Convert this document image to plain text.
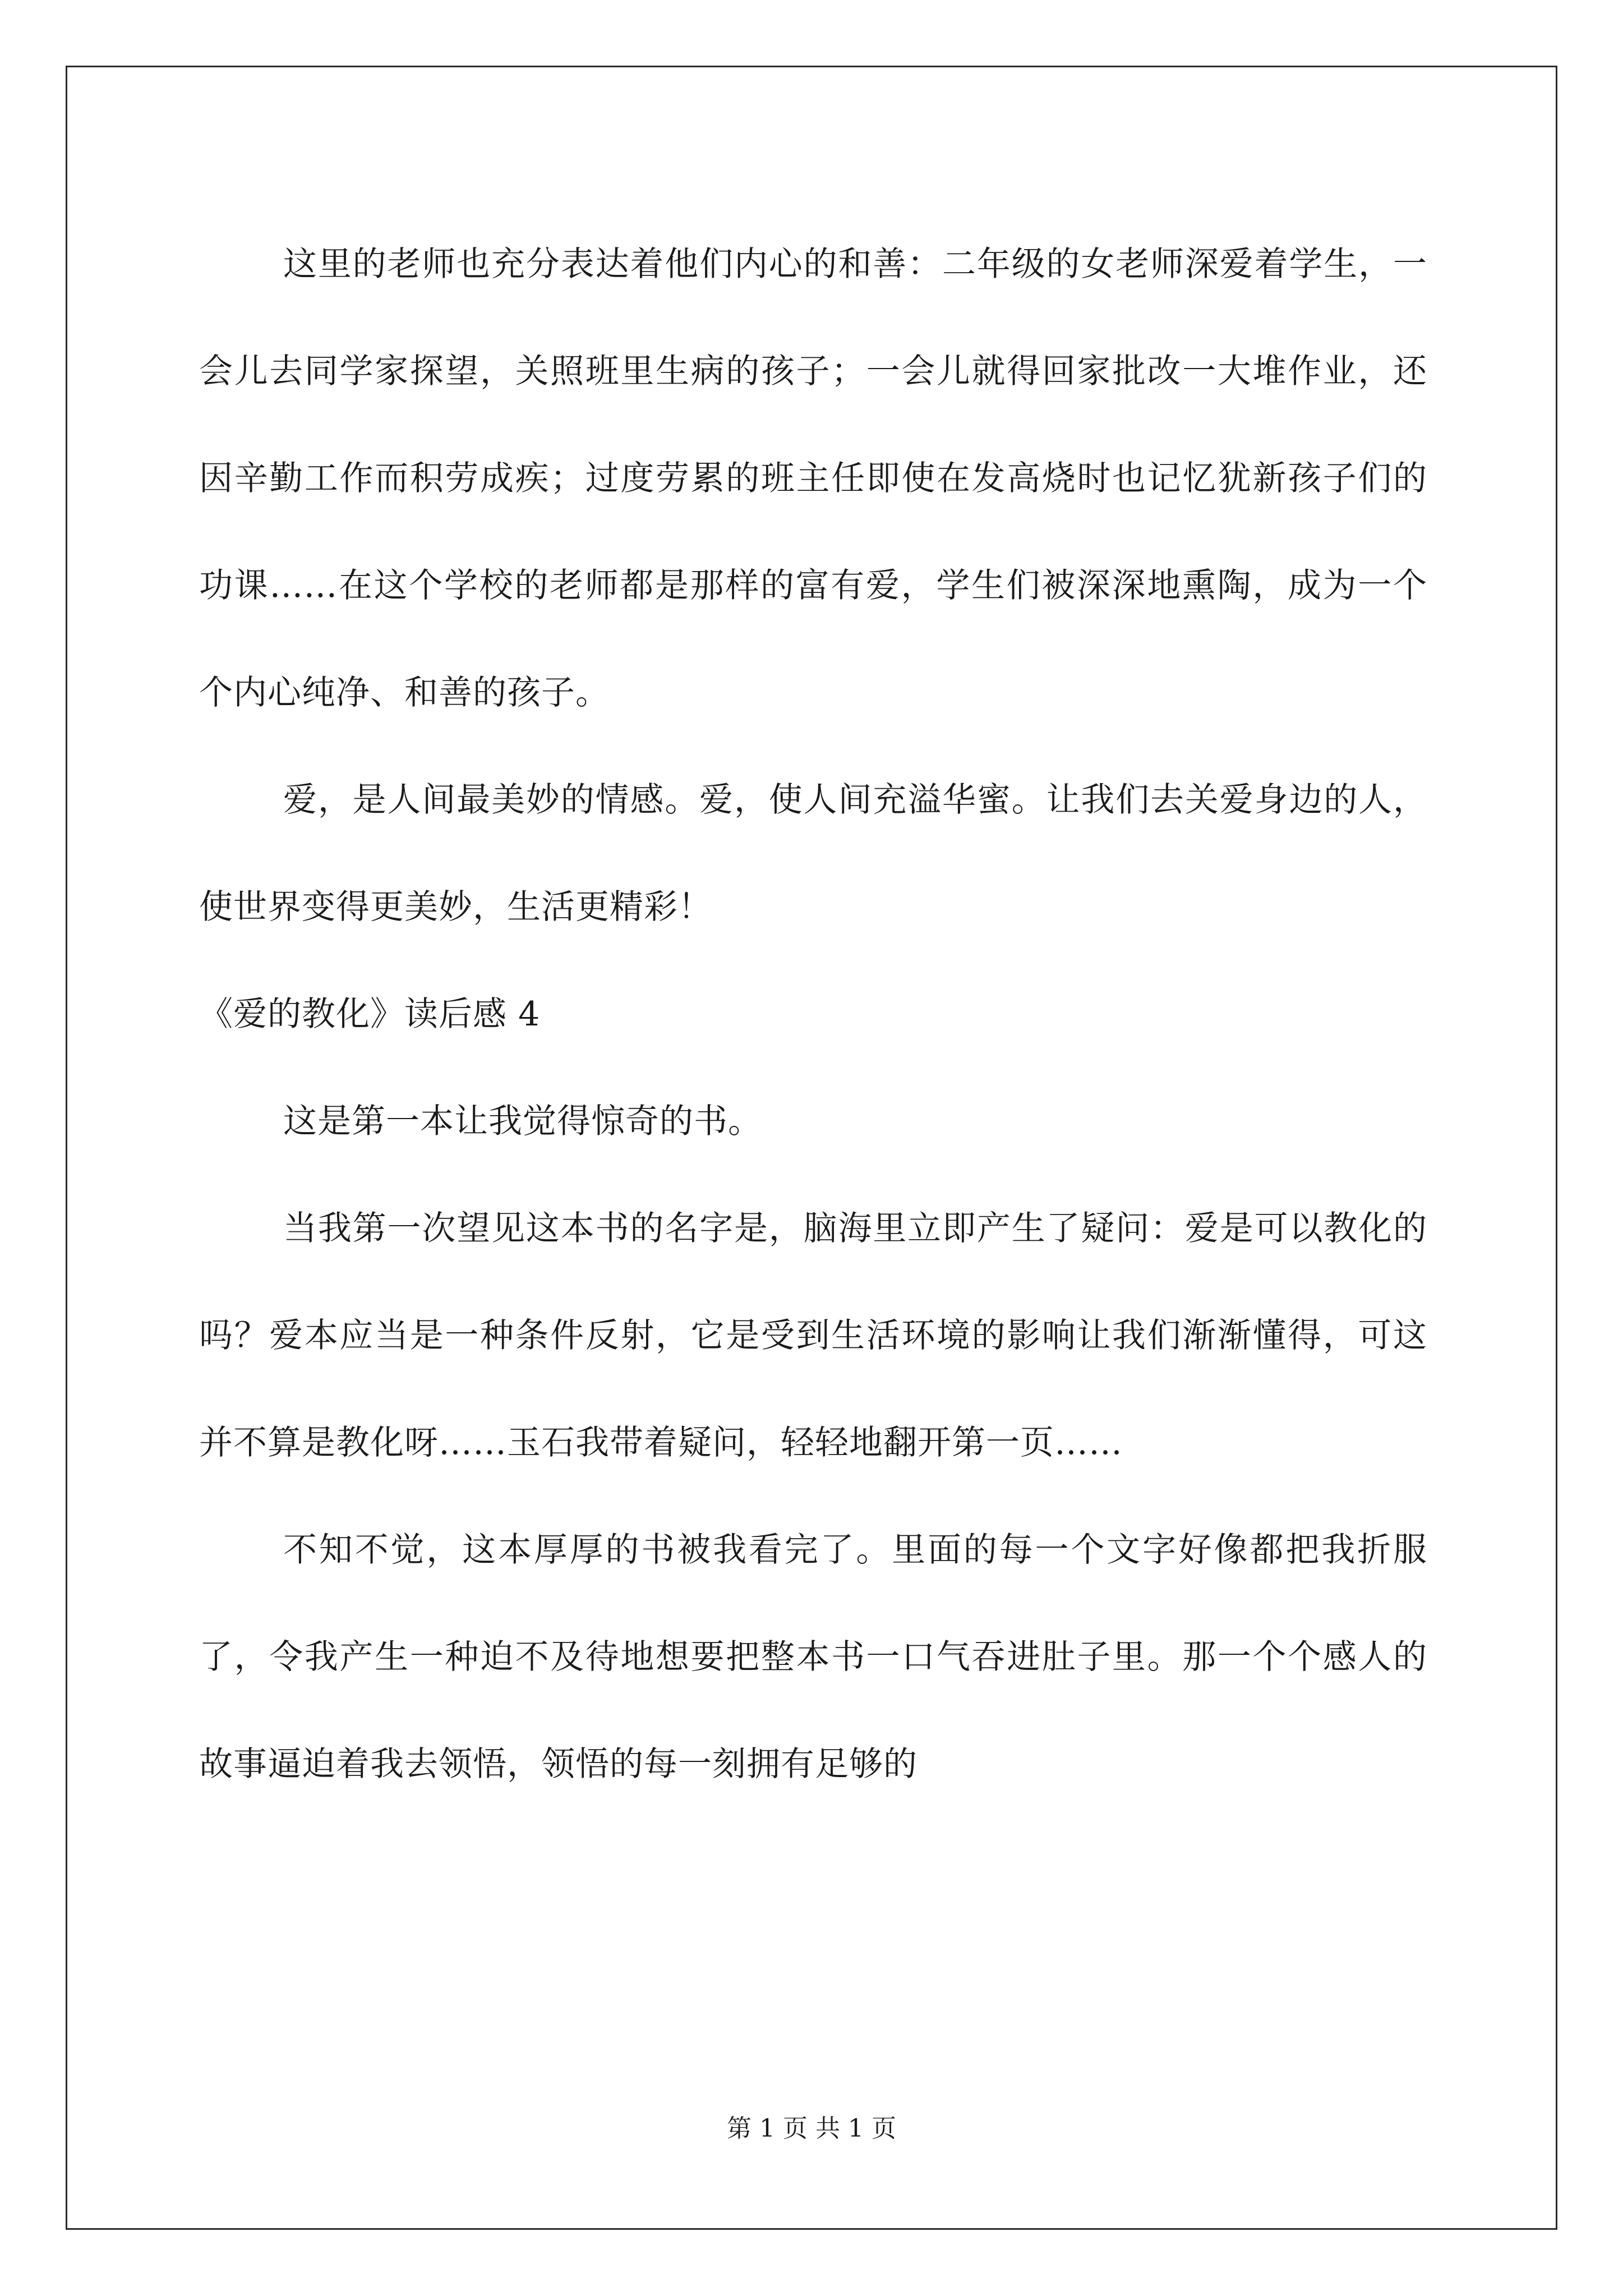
这里的老师也充分表达着他们内心的和善：二年级的女老师深爱着学生，一会儿去同学家探望，关照班里生病的孩子；一会儿就得回家批改一大堆作业，还因辛勤工作而积劳成疾；过度劳累的班主任即使在发高烧时也记忆犹新孩子们的功课……在这个学校的老师都是那样的富有爱，学生们被深深地熏陶，成为一个个内心纯净、和善的孩子。

爱，是人间最美妙的情感。爱，使人间充溢华蜜。让我们去关爱身边的人，使世界变得更美妙，生活更精彩！

《爱的教化》读后感 4

这是第一本让我觉得惊奇的书。

当我第一次望见这本书的名字是，脑海里立即产生了疑问：爱是可以教化的吗？爱本应当是一种条件反射，它是受到生活环境的影响让我们渐渐懂得，可这并不算是教化呀……玉石我带着疑问，轻轻地翻开第一页……

不知不觉，这本厚厚的书被我看完了。里面的每一个文字好像都把我折服了，令我产生一种迫不及待地想要把整本书一口气吞进肚子里。那一个个感人的故事逼迫着我去领悟，领悟的每一刻拥有足够的

第 1 页 共 1 页
